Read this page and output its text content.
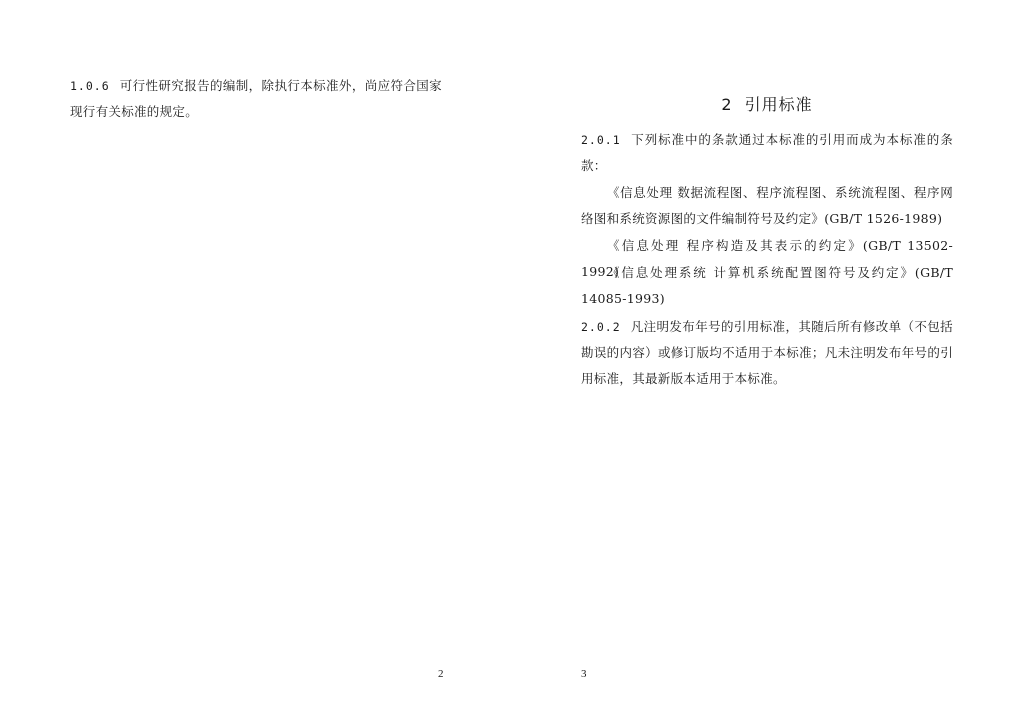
1.0.6 可行性研究报告的编制，除执行本标准外，尚应符合国家现行有关标准的规定。
2
2 引用标准
2.0.1 下列标准中的条款通过本标准的引用而成为本标准的条款：
《信息处理 数据流程图、程序流程图、系统流程图、程序网络图和系统资源图的文件编制符号及约定》(GB/T 1526-1989)
《信息处理 程序构造及其表示的约定》(GB/T 13502-1992)
《信息处理系统 计算机系统配置图符号及约定》(GB/T 14085-1993)
2.0.2 凡注明发布年号的引用标准，其随后所有修改单（不包括勘误的内容）或修订版均不适用于本标准；凡未注明发布年号的引用标准，其最新版本适用于本标准。
3
